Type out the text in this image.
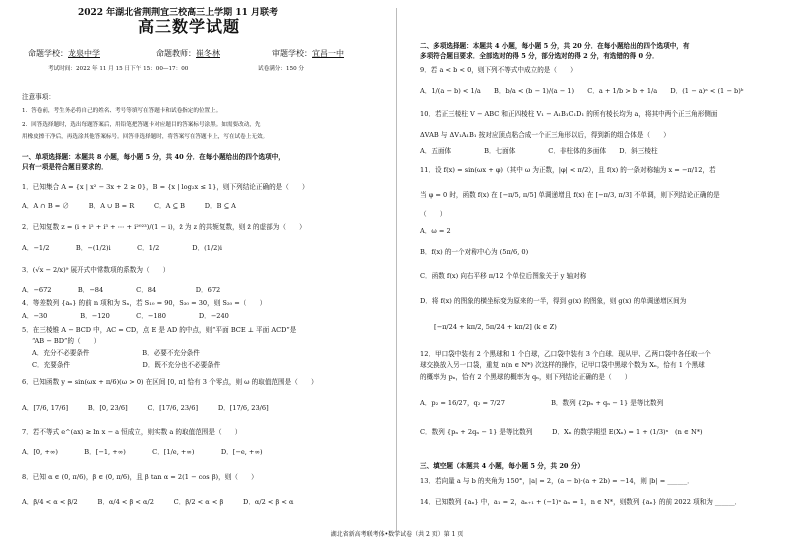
2022 年湖北省荆荆宜三校高三上学期 11 月联考
高三数学试题
命题学校：龙泉中学	命题教师：崔冬林	审题学校：宜昌一中
考试时间：2022 年 11 月 15 日下午 15：00—17：00	试卷满分：150 分
注意事项：
1．答卷前，考生务必将自己的姓名、考号等填写在答题卡和试卷指定的位置上。
2．回答选择题时，选出每题答案后，用铅笔把答题卡对应题目的答案标号涂黑。如需要改动，先
用橡皮擦干净后，再选涂其他答案标号。回答非选择题时，将答案写在答题卡上，写在试卷上无效。
一、单项选择题：本题共 8 小题，每小题 5 分，共 40 分．在每小题给出的四个选项中，
只有一项是符合题目要求的．
1．已知集合 A = {x | x² − 3x + 2 ≥ 0}，B = {x | log₂x ≤ 1}，则下列结论正确的是（　　）
A．A ∩ B = ∅　　　B．A ∪ B = R　　　C．A ⊆ B　　　D．B ⊆ A
2．已知复数 z = (i + i² + i³ + ⋯ + i²⁰²³)/(1 − i)，z̄ 为 z 的共轭复数，则 z̄ 的虚部为（　　）
A．−1/2　　　　B．−(1/2)i　　　　C．1/2　　　　　D．(1/2)i
3．(√x − 2/x)⁹ 展开式中常数项的系数为（　　）
A．−672　　　　B．−84　　　　　C．84　　　　　　D．672
4．等差数列 {aₙ} 的前 n 项和为 Sₙ，若 S₁₀ = 90，S₃₀ = 30，则 S₂₀ =（　　）
A．−30　　　　　B．−120　　　　C．−180　　　　　D．−240
5．在三棱锥 A − BCD 中，AC = CD，点 E 是 AD 的中点，则“平面 BCE ⊥ 平面 ACD”是
“AB − BD”的（　　）
A．充分不必要条件　　　　　　　　B．必要不充分条件
C．充要条件　　　　　　　　　　　D．既不充分也不必要条件
6．已知函数 y = sin(ωx + π/6)(ω > 0) 在区间 [0, π] 恰有 3 个零点，则 ω 的取值范围是（　　）
A．[7/6, 17/6]　　　B．[0, 23/6]　　　C．[17/6, 23/6]　　　D．[17/6, 23/6]
7．若不等式 e^(ax) ≥ ln x − a 恒成立，则实数 a 的取值范围是（　　）
A．[0, +∞)　　　　B．[−1, +∞)　　　　C．[1/e, +∞)　　　　D．[−e, +∞)
8．已知 α ∈ (0, π/6)，β ∈ (0, π/6)，且 β tan α = 2(1 − cos β)，则（　　）
A．β/4 < α < β/2　　　B．α/4 < β < α/2　　　C．β/2 < α < β　　　D．α/2 < β < α
二、多项选择题：本题共 4 小题，每小题 5 分，共 20 分．在每小题给出的四个选项中，有
多项符合题目要求．全部选对的得 5 分，部分选对的得 2 分，有选错的得 0 分．
9．若 a < b < 0，则下列不等式中成立的是（　　）
A．1/(a − b) < 1/a　　B．b/a < (b − 1)/(a − 1)　　C．a + 1/b > b + 1/a　　D．(1 − a)ᵃ < (1 − b)ᵇ
10．若正三棱柱 V − ABC 和正四棱柱 V₁ − A₁B₁C₁D₁ 的所有棱长均为 a，将其中两个正三角形侧面
ΔVAB 与 ΔV₁A₁B₁ 按对应顶点粘合成一个正三角形以后，得到新的组合体是（　　）
A．五面体　　　　　B．七面体　　　　　C．非柱体的多面体　　D．斜三棱柱
11．设 f(x) = sin(ωx + φ)（其中 ω 为正数，|φ| < π/2），且 f(x) 的一条对称轴为 x = −π/12，若
当 φ = 0 时，函数 f(x) 在 [−π/5, π/5] 单调递增且 f(x) 在 [−π/3, π/3] 不单调，则下列结论正确的是
（　　）
A．ω = 2
B．f(x) 的一个对称中心为 (5π/6, 0)
C．函数 f(x) 向右平移 π/12 个单位后图象关于 y 轴对称
D．将 f(x) 的图象的横坐标变为原来的一半，得到 g(x) 的图象，则 g(x) 的单调递增区间为
[−π/24 + kπ/2, 5π/24 + kπ/2] (k ∈ Z)
12．甲口袋中装有 2 个黑球和 1 个白球，乙口袋中装有 3 个白球．现从甲、乙两口袋中各任取一个
球交换放入另一口袋，重复 n(n ∈ N*) 次这样的操作，记甲口袋中黑球个数为 Xₙ，恰有 1 个黑球
的概率为 pₙ，恰有 2 个黑球的概率为 qₙ，则下列结论正确的是（　　）
A．p₂ = 16/27，q₂ = 7/27　　　　　　　B．数列 {2pₙ + qₙ − 1} 是等比数列
C．数列 {pₙ + 2qₙ − 1} 是等比数列　　　D．Xₙ 的数学期望 E(Xₙ) = 1 + (1/3)ⁿ　(n ∈ N*)
三、填空题（本题共 4 小题，每小题 5 分，共 20 分）
13．若向量 a 与 b 的夹角为 150°，|a| = 2，(a − b)·(a + 2b) = −14，则 |b| = ______．
14．已知数列 {aₙ} 中，a₁ = 2，aₙ₊₁ + (−1)ⁿ aₙ = 1，n ∈ N*，则数列 {aₙ} 的前 2022 项和为 ______．
湖北省新高考联考体•数学试卷（共 2 页）第 1 页
